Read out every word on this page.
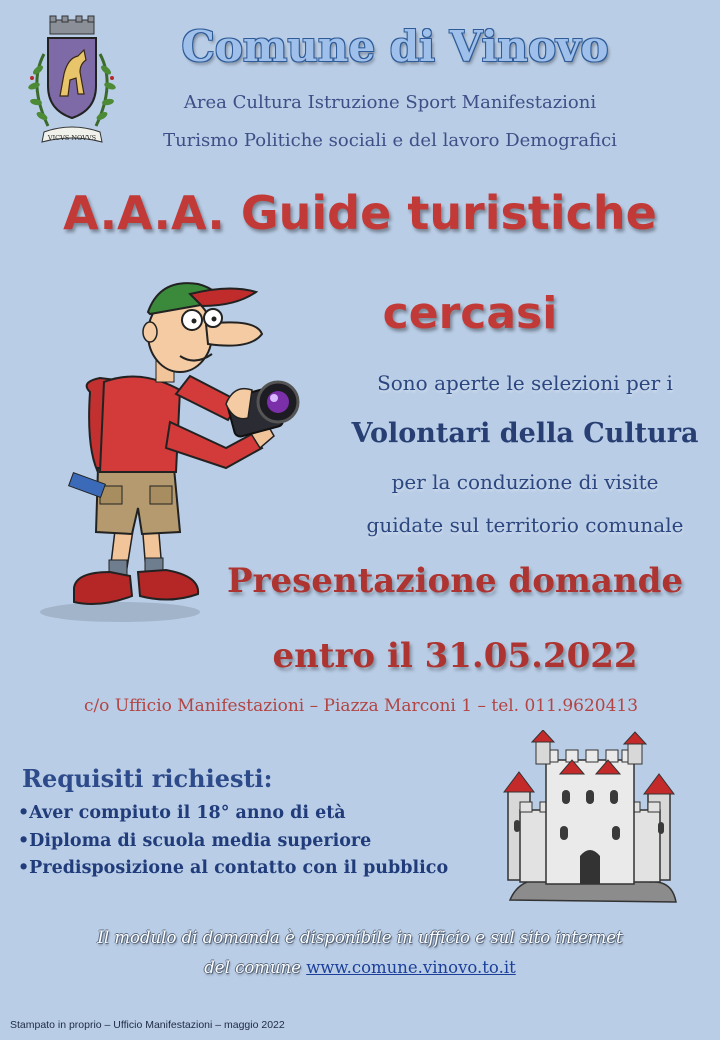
VICVS NOVVS
Comune di Vinovo
Area Cultura Istruzione Sport Manifestazioni
Turismo Politiche sociali e del lavoro Demografici
A.A.A. Guide turistiche
cercasi
Sono aperte le selezioni per i
Volontari della Cultura
per la conduzione di visite
guidate sul territorio comunale
Presentazione domande
entro il 31.05.2022
c/o Ufficio Manifestazioni – Piazza Marconi 1 – tel. 011.9620413
Requisiti richiesti:
•Aver compiuto il 18° anno di età
•Diploma di scuola media superiore
•Predisposizione al contatto con il pubblico
Il modulo di domanda è disponibile in ufficio e sul sito internet
del comune www.comune.vinovo.to.it
Stampato in proprio – Ufficio Manifestazioni – maggio 2022
